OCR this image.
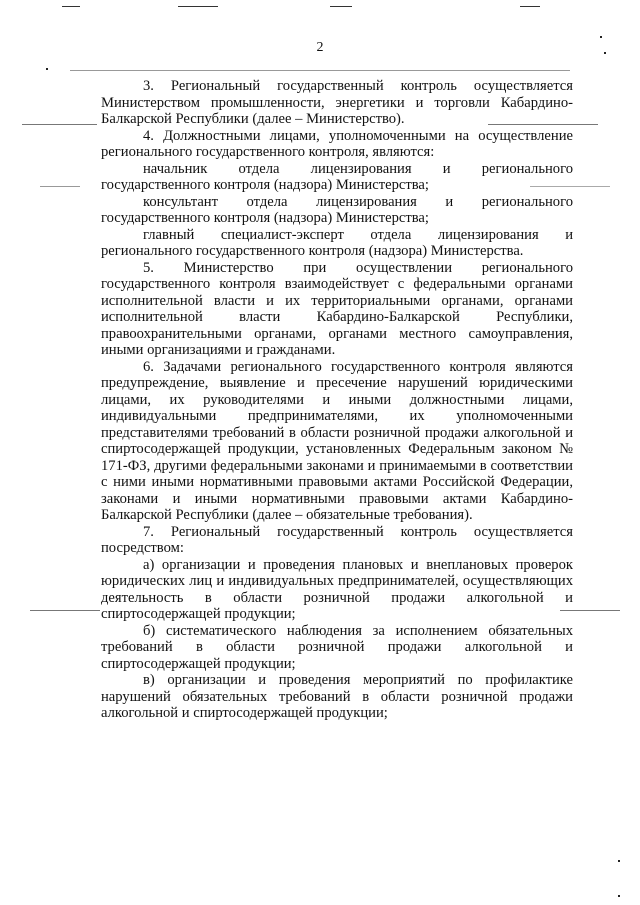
2

3. Региональный государственный контроль осуществляется Министерством промышленности, энергетики и торговли Кабардино-Балкарской Республики (далее – Министерство).

4. Должностными лицами, уполномоченными на осуществление регионального государственного контроля, являются:

начальник отдела лицензирования и регионального государственного контроля (надзора) Министерства;

консультант отдела лицензирования и регионального государственного контроля (надзора) Министерства;

главный специалист-эксперт отдела лицензирования и регионального государственного контроля (надзора) Министерства.

5. Министерство при осуществлении регионального государственного контроля взаимодействует с федеральными органами исполнительной власти и их территориальными органами, органами исполнительной власти Кабардино-Балкарской Республики, правоохранительными органами, органами местного самоуправления, иными организациями и гражданами.

6. Задачами регионального государственного контроля являются предупреждение, выявление и пресечение нарушений юридическими лицами, их руководителями и иными должностными лицами, индивидуальными предпринимателями, их уполномоченными представителями требований в области розничной продажи алкогольной и спиртосодержащей продукции, установленных Федеральным законом № 171-ФЗ, другими федеральными законами и принимаемыми в соответствии с ними иными нормативными правовыми актами Российской Федерации, законами и иными нормативными правовыми актами Кабардино-Балкарской Республики (далее – обязательные требования).

7. Региональный государственный контроль осуществляется посредством:

а) организации и проведения плановых и внеплановых проверок юридических лиц и индивидуальных предпринимателей, осуществляющих деятельность в области розничной продажи алкогольной и спиртосодержащей продукции;

б) систематического наблюдения за исполнением обязательных требований в области розничной продажи алкогольной и спиртосодержащей продукции;

в) организации и проведения мероприятий по профилактике нарушений обязательных требований в области розничной продажи алкогольной и спиртосодержащей продукции;
